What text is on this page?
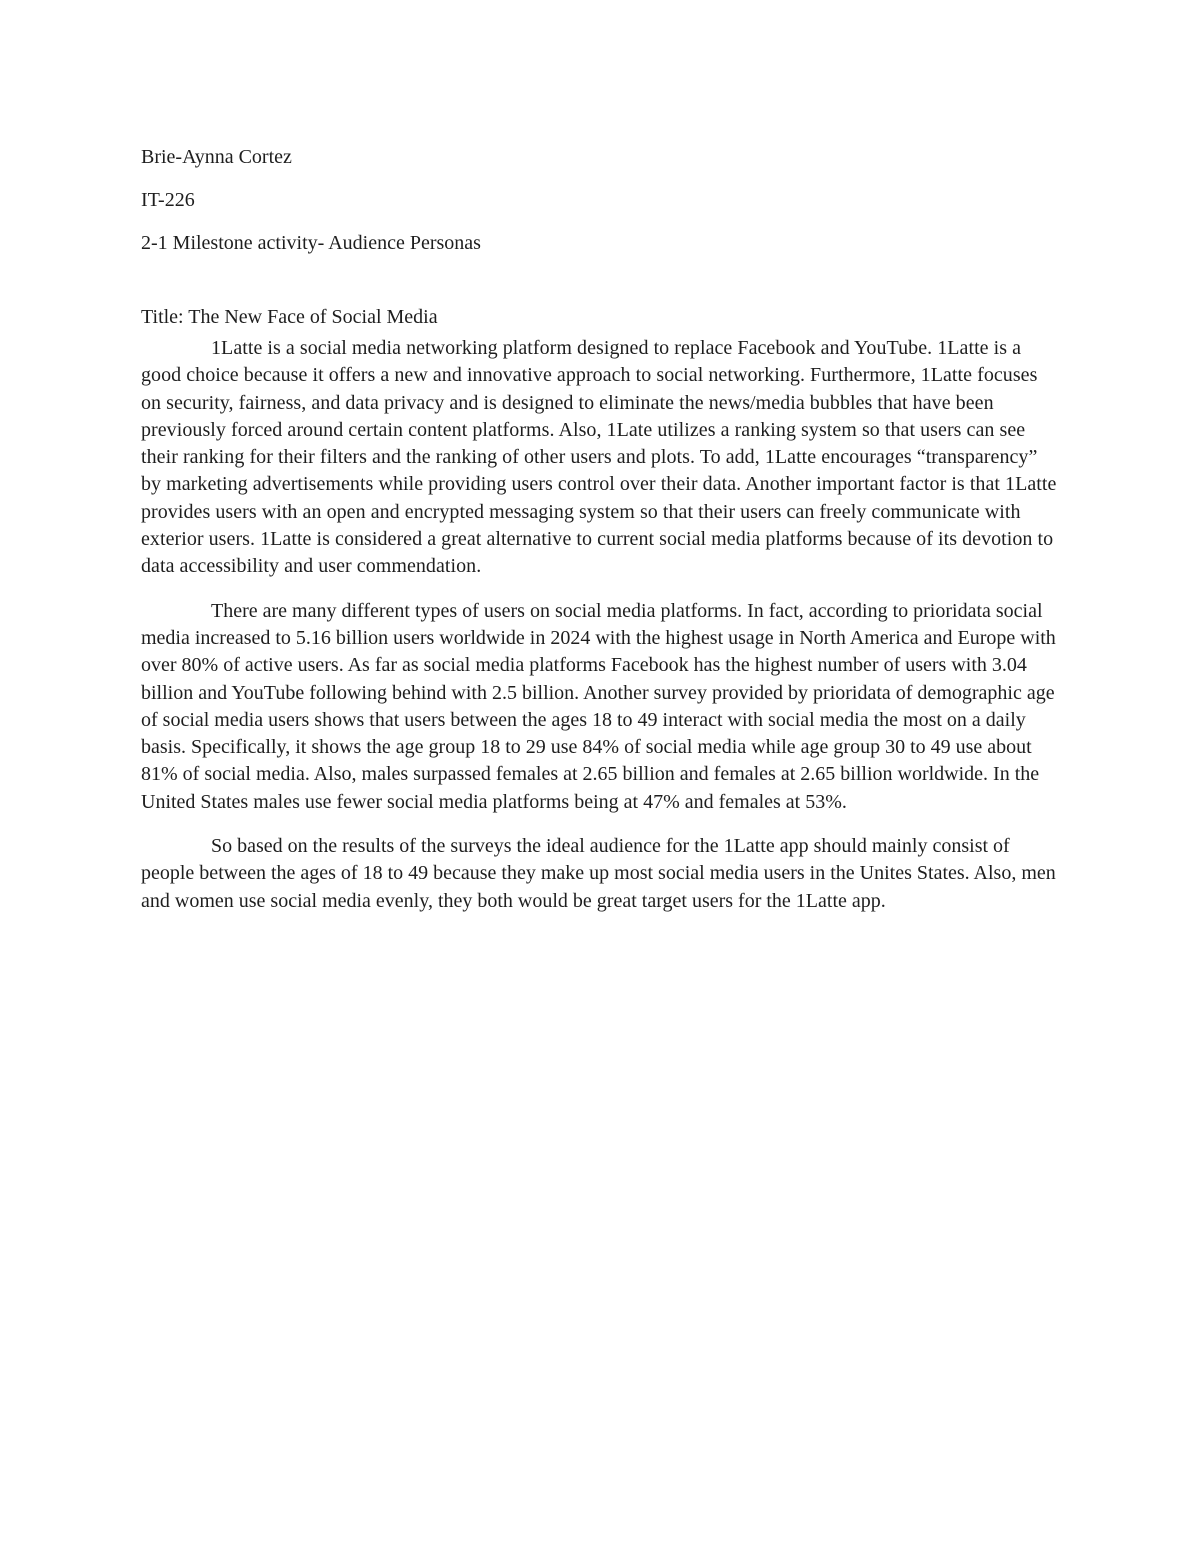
Brie-Aynna Cortez

IT-226

2-1 Milestone activity- Audience Personas

Title: The New Face of Social Media

1Latte is a social media networking platform designed to replace Facebook and YouTube. 1Latte is a good choice because it offers a new and innovative approach to social networking. Furthermore, 1Latte focuses on security, fairness, and data privacy and is designed to eliminate the news/media bubbles that have been previously forced around certain content platforms. Also, 1Late utilizes a ranking system so that users can see their ranking for their filters and the ranking of other users and plots. To add, 1Latte encourages “transparency” by marketing advertisements while providing users control over their data. Another important factor is that 1Latte provides users with an open and encrypted messaging system so that their users can freely communicate with exterior users. 1Latte is considered a great alternative to current social media platforms because of its devotion to data accessibility and user commendation.

There are many different types of users on social media platforms. In fact, according to prioridata social media increased to 5.16 billion users worldwide in 2024 with the highest usage in North America and Europe with over 80% of active users. As far as social media platforms Facebook has the highest number of users with 3.04 billion and YouTube following behind with 2.5 billion. Another survey provided by prioridata of demographic age of social media users shows that users between the ages 18 to 49 interact with social media the most on a daily basis. Specifically, it shows the age group 18 to 29 use 84% of social media while age group 30 to 49 use about 81% of social media. Also, males surpassed females at 2.65 billion and females at 2.65 billion worldwide. In the United States males use fewer social media platforms being at 47% and females at 53%.

So based on the results of the surveys the ideal audience for the 1Latte app should mainly consist of people between the ages of 18 to 49 because they make up most social media users in the Unites States. Also, men and women use social media evenly, they both would be great target users for the 1Latte app.
